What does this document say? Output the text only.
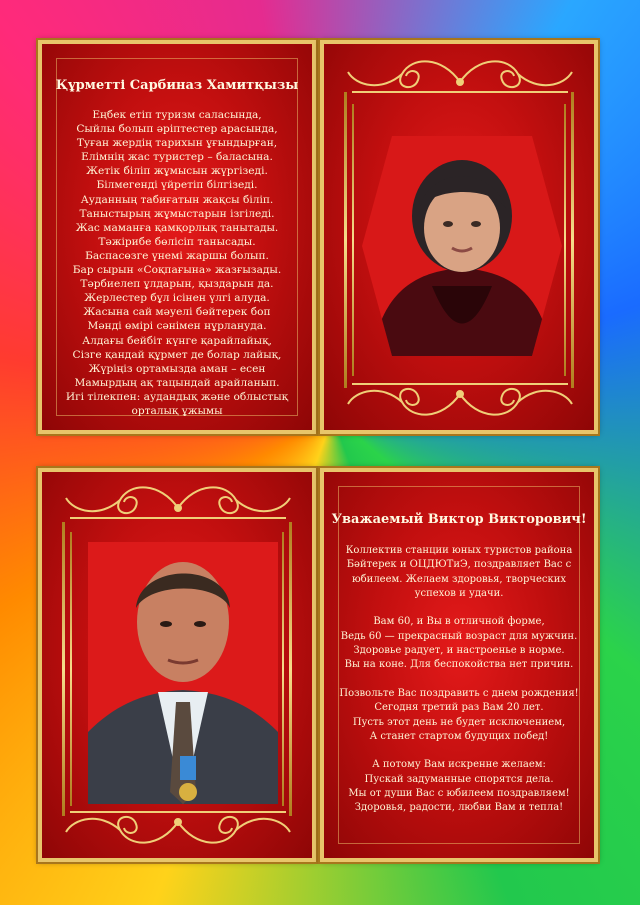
Құрметті Сарбиназ Хамитқызы
Еңбек етіп туризм саласында,
Сыйлы болып әріптестер арасында,
Туған жердің тарихын ұғындырған,
Елімнің жас туристер – баласына.
Жетік біліп жұмысын жүргізеді.
Білмегенді үйретіп білгізеді.
Ауданның табиғатын жақсы біліп.
Таныстырың жұмыстарын ізгіледі.
Жас маманға қамқорлық танытады.
Тәжірибе бөлісіп танысады.
Баспасөзге үнемі жаршы болып.
Бар сырын «Соқпағына» жазғызады.
Тәрбиелеп ұлдарын, қыздарын да.
Жерлестер бұл ісінен үлгі алуда.
Жасына сай мәуелі бәйтерек боп
Мәнді өмірі сәнімен нұрлануда.
Алдағы бейбіт күнге қарайлайық,
Сізге қандай құрмет де болар лайық,
Жүріңіз ортамызда аман – есен
Мамырдың ақ тацындай арайланып.
Игі тілекпен: аудандық және облыстық
орталық ұжымы
Уважаемый Виктор Викторович!
Коллектив станции юных туристов района
Бәйтерек и ОЦДЮТиЭ, поздравляет Вас с
юбилеем. Желаем здоровья, творческих
успехов и удачи.

Вам 60, и Вы в отличной форме,
Ведь 60 — прекрасный возраст для мужчин.
Здоровье радует, и настроенье в норме.
Вы на коне. Для беспокойства нет причин.

Позвольте Вас поздравить с днем рождения!
Сегодня третий раз Вам 20 лет.
Пусть этот день не будет исключением,
А станет стартом будущих побед!

А потому Вам искренне желаем:
Пускай задуманные спорятся дела.
Мы от души Вас с юбилеем поздравляем!
Здоровья, радости, любви Вам и тепла!
